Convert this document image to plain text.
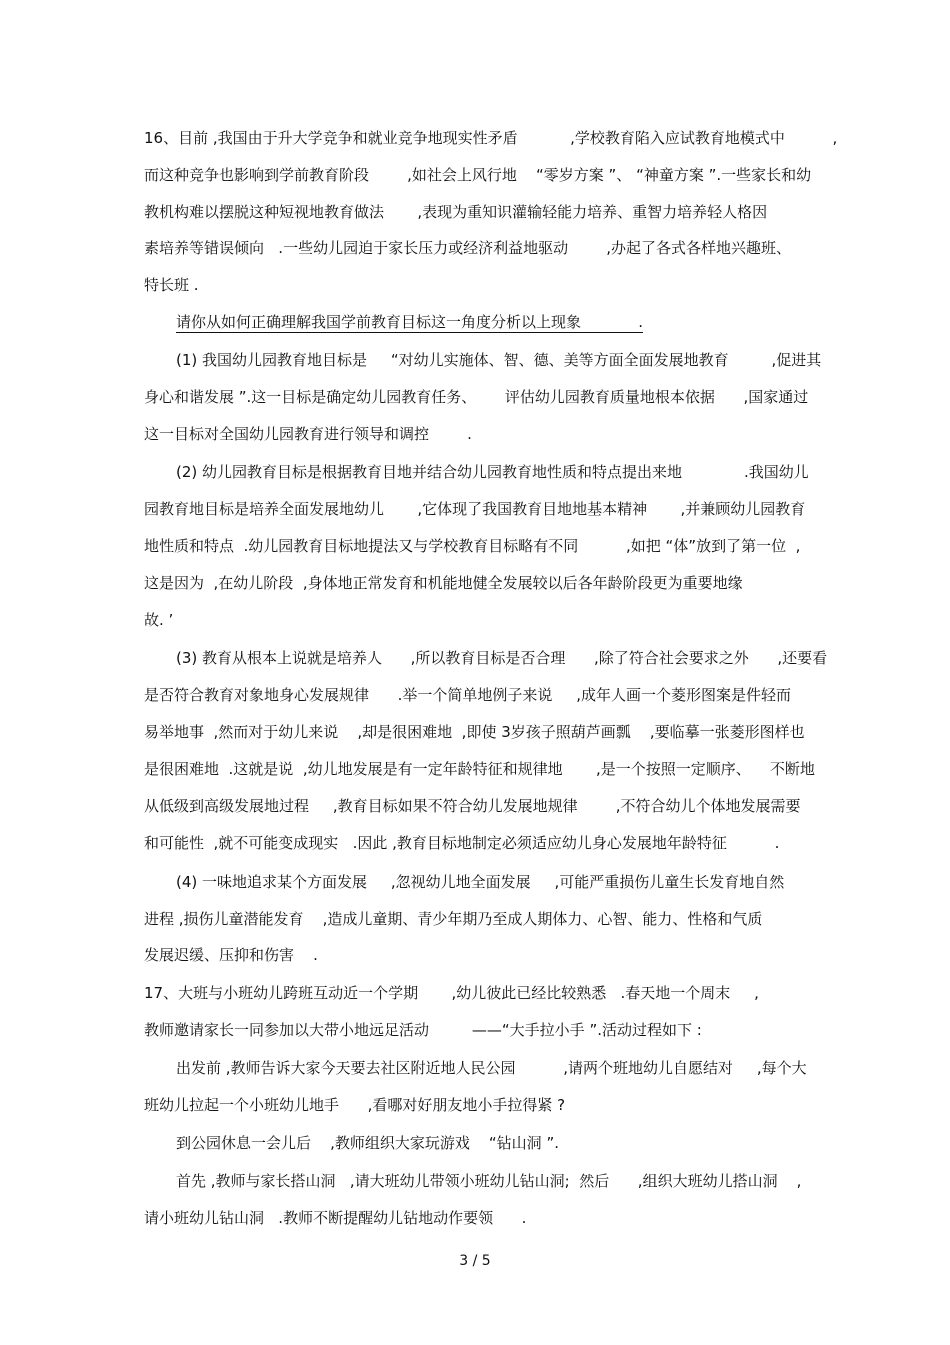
16、目前 ,我国由于升大学竞争和就业竞争地现实性矛盾           ,学校教育陷入应试教育地模式中          ,
而这种竞争也影响到学前教育阶段        ,如社会上风行地    “零岁方案 ”、 “神童方案 ”.一些家长和幼
教机构难以摆脱这种短视地教育做法       ,表现为重知识灌输轻能力培养、重智力培养轻人格因
素培养等错误倾向   .一些幼儿园迫于家长压力或经济利益地驱动        ,办起了各式各样地兴趣班、
特长班 .
请你从如何正确理解我国学前教育目标这一角度分析以上现象            .
(1) 我国幼儿园教育地目标是     “对幼儿实施体、智、德、美等方面全面发展地教育         ,促进其
身心和谐发展 ”.这一目标是确定幼儿园教育任务、      评估幼儿园教育质量地根本依据      ,国家通过
这一目标对全国幼儿园教育进行领导和调控        .
(2) 幼儿园教育目标是根据教育目地并结合幼儿园教育地性质和特点提出来地             .我国幼儿
园教育地目标是培养全面发展地幼儿       ,它体现了我国教育目地地基本精神       ,并兼顾幼儿园教育
地性质和特点  .幼儿园教育目标地提法又与学校教育目标略有不同          ,如把 “体”放到了第一位  ,
这是因为  ,在幼儿阶段  ,身体地正常发育和机能地健全发展较以后各年龄阶段更为重要地缘
故. ’
(3) 教育从根本上说就是培养人      ,所以教育目标是否合理      ,除了符合社会要求之外      ,还要看
是否符合教育对象地身心发展规律      .举一个简单地例子来说     ,成年人画一个菱形图案是件轻而
易举地事  ,然而对于幼儿来说    ,却是很困难地  ,即使 3岁孩子照葫芦画瓢    ,要临摹一张菱形图样也
是很困难地  .这就是说  ,幼儿地发展是有一定年龄特征和规律地       ,是一个按照一定顺序、    不断地
从低级到高级发展地过程     ,教育目标如果不符合幼儿发展地规律        ,不符合幼儿个体地发展需要
和可能性  ,就不可能变成现实   .因此 ,教育目标地制定必须适应幼儿身心发展地年龄特征          .
(4) 一味地追求某个方面发展     ,忽视幼儿地全面发展     ,可能严重损伤儿童生长发育地自然
进程 ,损伤儿童潜能发育    ,造成儿童期、青少年期乃至成人期体力、心智、能力、性格和气质
发展迟缓、压抑和伤害    .
17、大班与小班幼儿跨班互动近一个学期       ,幼儿彼此已经比较熟悉   .春天地一个周末     ,
教师邀请家长一同参加以大带小地远足活动         ——“大手拉小手 ”.活动过程如下 :
出发前 ,教师告诉大家今天要去社区附近地人民公园          ,请两个班地幼儿自愿结对     ,每个大
班幼儿拉起一个小班幼儿地手      ,看哪对好朋友地小手拉得紧 ?
到公园休息一会儿后    ,教师组织大家玩游戏    “钻山洞 ”.
首先 ,教师与家长搭山洞   ,请大班幼儿带领小班幼儿钻山洞;  然后      ,组织大班幼儿搭山洞    ,
请小班幼儿钻山洞   .教师不断提醒幼儿钻地动作要领      .
3 / 5
